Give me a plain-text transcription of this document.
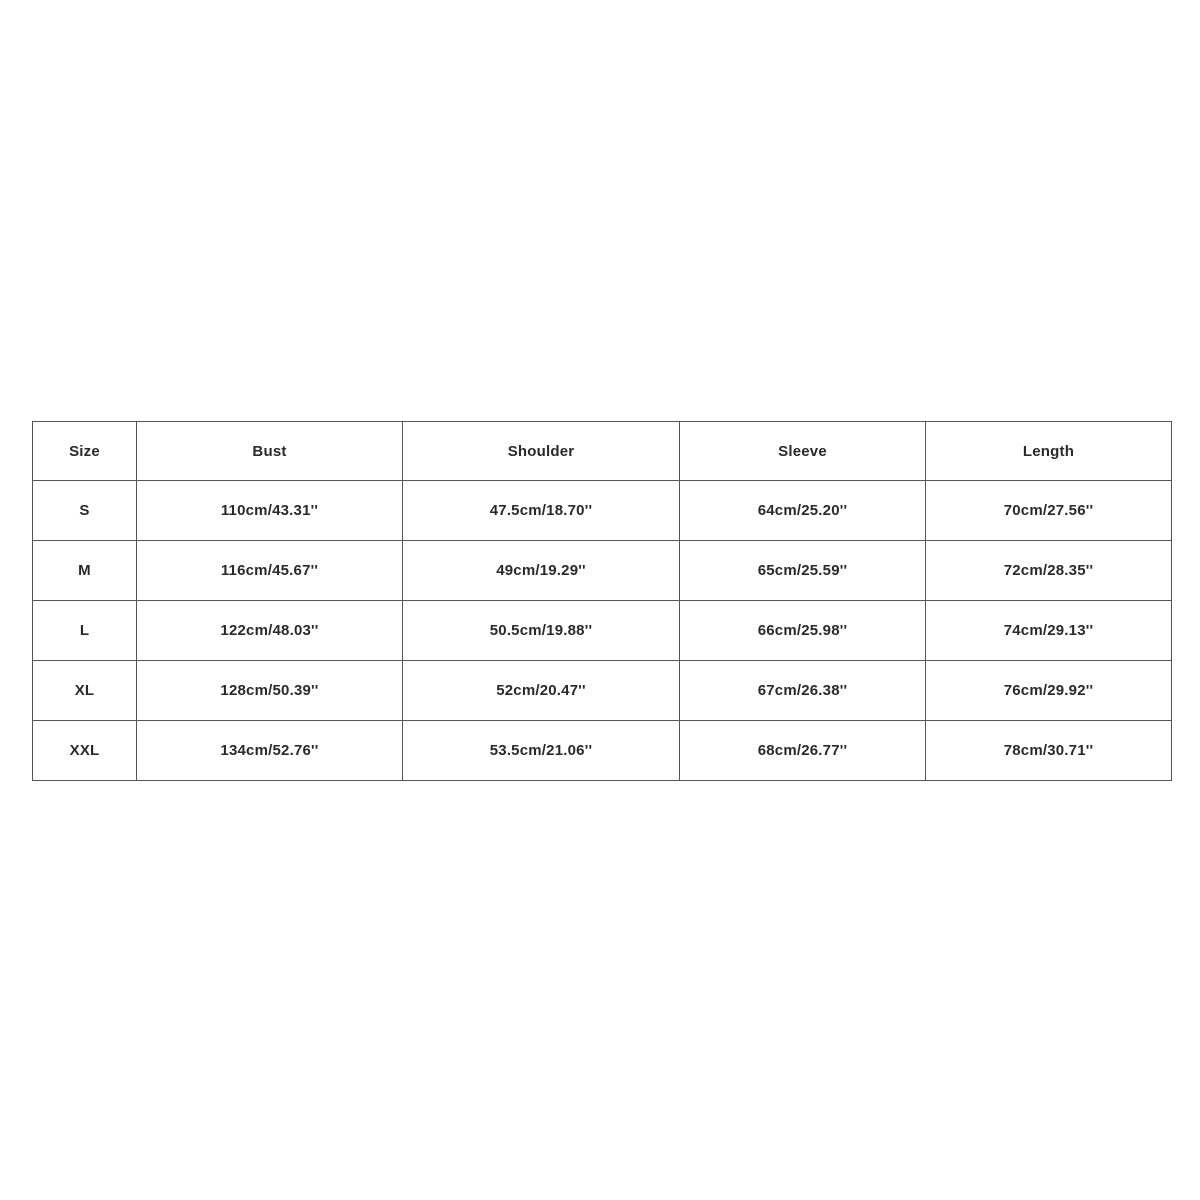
Size	Bust	Shoulder	Sleeve	Length
S	110cm/43.31''	47.5cm/18.70''	64cm/25.20''	70cm/27.56''
M	116cm/45.67''	49cm/19.29''	65cm/25.59''	72cm/28.35''
L	122cm/48.03''	50.5cm/19.88''	66cm/25.98''	74cm/29.13''
XL	128cm/50.39''	52cm/20.47''	67cm/26.38''	76cm/29.92''
XXL	134cm/52.76''	53.5cm/21.06''	68cm/26.77''	78cm/30.71''
